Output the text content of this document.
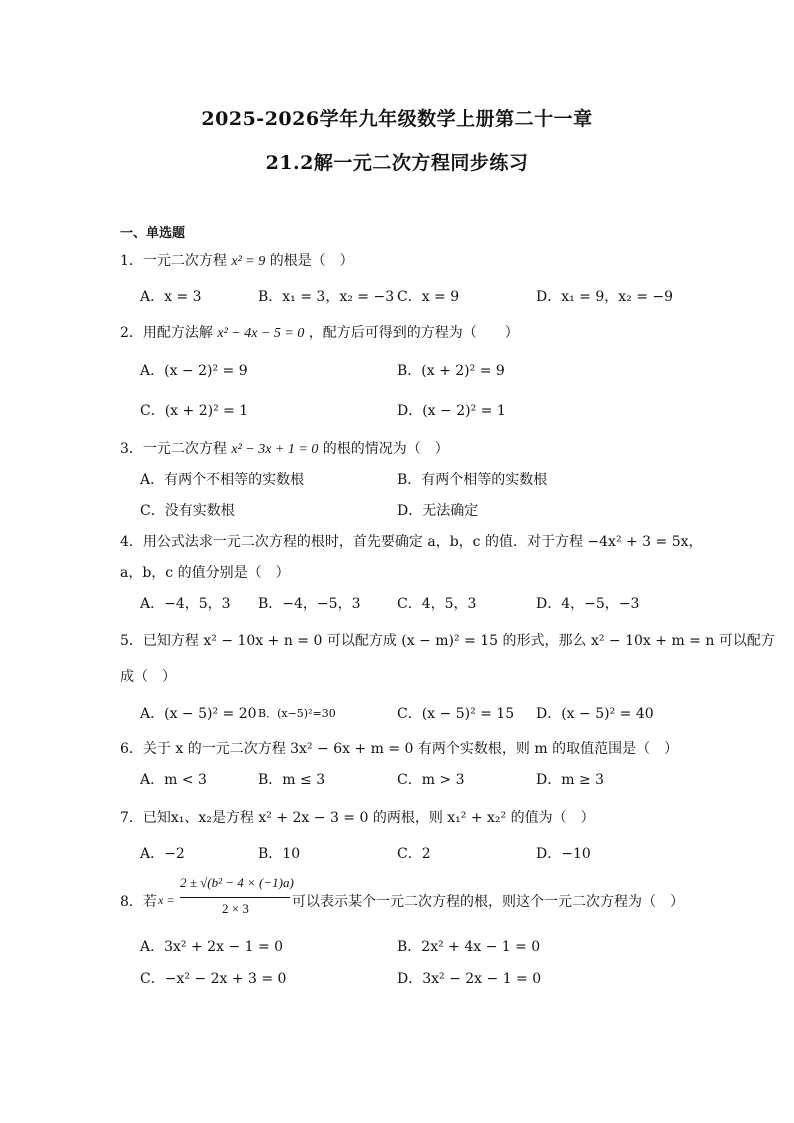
2025-2026学年九年级数学上册第二十一章
21.2解一元二次方程同步练习
一、单选题
1．一元二次方程 x² = 9 的根是（　）
A．x = 3	B．x₁ = 3，x₂ = −3 C．x = 9	D．x₁ = 9，x₂ = −9
2．用配方法解 x² − 4x − 5 = 0 ，配方后可得到的方程为（　　）
A．(x − 2)² = 9	B．(x + 2)² = 9
C．(x + 2)² = 1	D．(x − 2)² = 1
3．一元二次方程 x² − 3x + 1 = 0 的根的情况为（　）
A．有两个不相等的实数根	B．有两个相等的实数根
C．没有实数根	D．无法确定
4．用公式法求一元二次方程的根时，首先要确定 a，b，c 的值．对于方程 −4x² + 3 = 5x，
a，b，c 的值分别是（　）
A．−4，5，3 B．−4，−5，3	C．4，5，3	D．4，−5，−3
5．已知方程 x² − 10x + n = 0 可以配方成 (x − m)² = 15 的形式，那么 x² − 10x + m = n 可以配方
成（　）
A．(x − 5)² = 20 B．(x−5)²=30	C．(x − 5)² = 15 D．(x − 5)² = 40
6．关于 x 的一元二次方程 3x² − 6x + m = 0 有两个实数根，则 m 的取值范围是（　）
A．m < 3	B．m ≤ 3	C．m > 3	D．m ≥ 3
7．已知x₁、x₂是方程 x² + 2x − 3 = 0 的两根，则 x₁² + x₂² 的值为（　）
A．−2	B．10	C．2	D．−10
8．若 x =
2 ± √(b² − 4 × (−1)a)
2 × 3	可以表示某个一元二次方程的根，则这个一元二次方程为（　）
A．3x² + 2x − 1 = 0	B．2x² + 4x − 1 = 0
C．−x² − 2x + 3 = 0	D．3x² − 2x − 1 = 0
